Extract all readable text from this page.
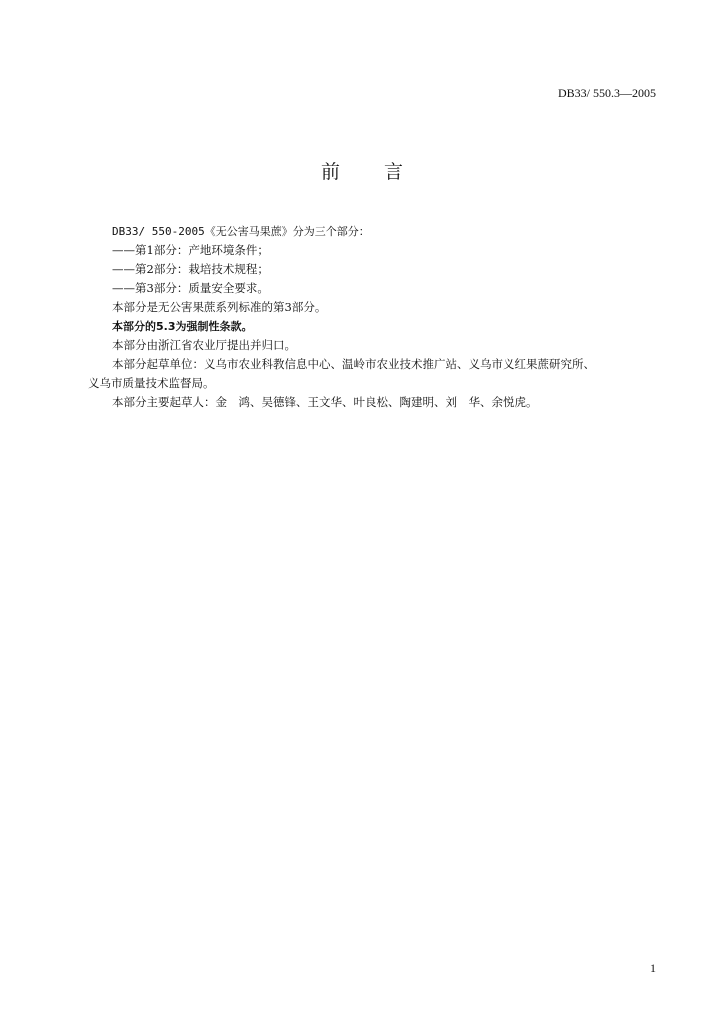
DB33/ 550.3—2005
前 言

DB33/ 550-2005《无公害马果蔗》分为三个部分：

——第1部分：产地环境条件；

——第2部分：栽培技术规程；

——第3部分：质量安全要求。

本部分是无公害果蔗系列标准的第3部分。

本部分的5.3为强制性条款。

本部分由浙江省农业厅提出并归口。

本部分起草单位：义乌市农业科教信息中心、温岭市农业技术推广站、义乌市义红果蔗研究所、

义乌市质量技术监督局。

本部分主要起草人：金　鸿、吴德锋、王文华、叶良松、陶建明、刘　华、余悦虎。

1
